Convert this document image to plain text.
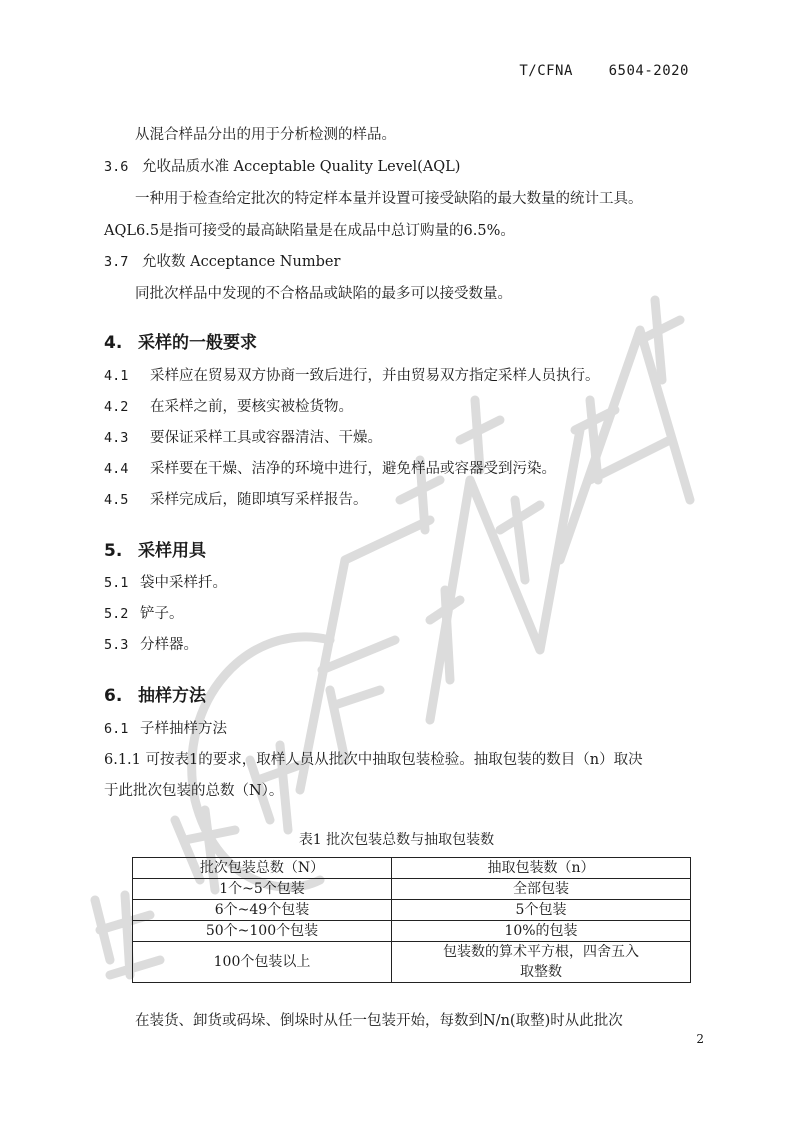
T/CFNA    6504-2020
从混合样品分出的用于分析检测的样品。
3.6 允收品质水准 Acceptable Quality Level(AQL)
一种用于检查给定批次的特定样本量并设置可接受缺陷的最大数量的统计工具。
AQL6.5是指可接受的最高缺陷量是在成品中总订购量的6.5%。
3.7 允收数 Acceptance Number
同批次样品中发现的不合格品或缺陷的最多可以接受数量。
4. 采样的一般要求
4.1 采样应在贸易双方协商一致后进行，并由贸易双方指定采样人员执行。
4.2 在采样之前，要核实被检货物。
4.3 要保证采样工具或容器清洁、干燥。
4.4 采样要在干燥、洁净的环境中进行，避免样品或容器受到污染。
4.5 采样完成后，随即填写采样报告。
5. 采样用具
5.1 袋中采样扦。
5.2 铲子。
5.3 分样器。
6. 抽样方法
6.1 子样抽样方法
6.1.1 可按表1的要求，取样人员从批次中抽取包装检验。抽取包装的数目（n）取决
于此批次包装的总数（N）。
表1 批次包装总数与抽取包装数
批次包装总数（N）	抽取包装数（n）
1个~5个包装	全部包装
6个~49个包装	5个包装
50个~100个包装	10%的包装
100个包装以上	包装数的算术平方根，四舍五入
取整数
在装货、卸货或码垛、倒垛时从任一包装开始，每数到N/n(取整)时从此批次
2
